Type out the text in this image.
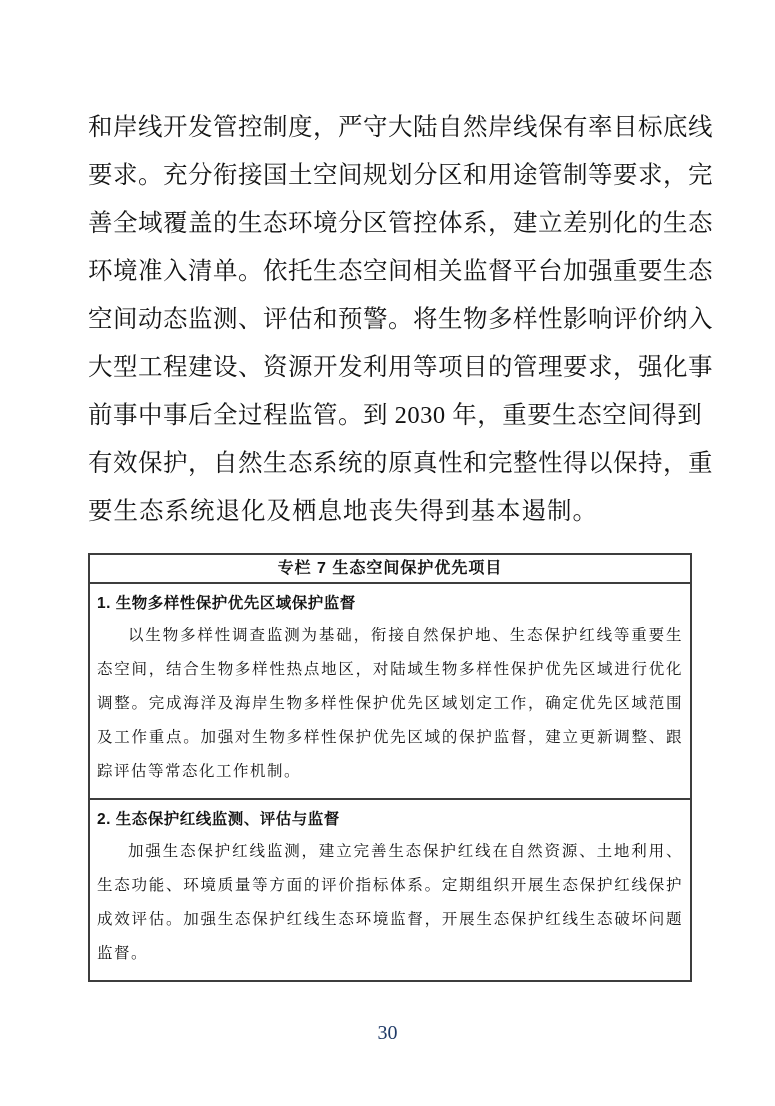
和岸线开发管控制度，严守大陆自然岸线保有率目标底线
要求。充分衔接国土空间规划分区和用途管制等要求，完
善全域覆盖的生态环境分区管控体系，建立差别化的生态
环境准入清单。依托生态空间相关监督平台加强重要生态
空间动态监测、评估和预警。将生物多样性影响评价纳入
大型工程建设、资源开发利用等项目的管理要求，强化事
前事中事后全过程监管。到 2030 年，重要生态空间得到
有效保护，自然生态系统的原真性和完整性得以保持，重
要生态系统退化及栖息地丧失得到基本遏制。
专栏 7 生态空间保护优先项目
1. 生物多样性保护优先区域保护监督

以生物多样性调查监测为基础，衔接自然保护地、生态保护红线等重要生态空间，结合生物多样性热点地区，对陆域生物多样性保护优先区域进行优化调整。完成海洋及海岸生物多样性保护优先区域划定工作，确定优先区域范围及工作重点。加强对生物多样性保护优先区域的保护监督，建立更新调整、跟踪评估等常态化工作机制。

2. 生态保护红线监测、评估与监督

加强生态保护红线监测，建立完善生态保护红线在自然资源、土地利用、生态功能、环境质量等方面的评价指标体系。定期组织开展生态保护红线保护成效评估。加强生态保护红线生态环境监督，开展生态保护红线生态破坏问题监督。

30
